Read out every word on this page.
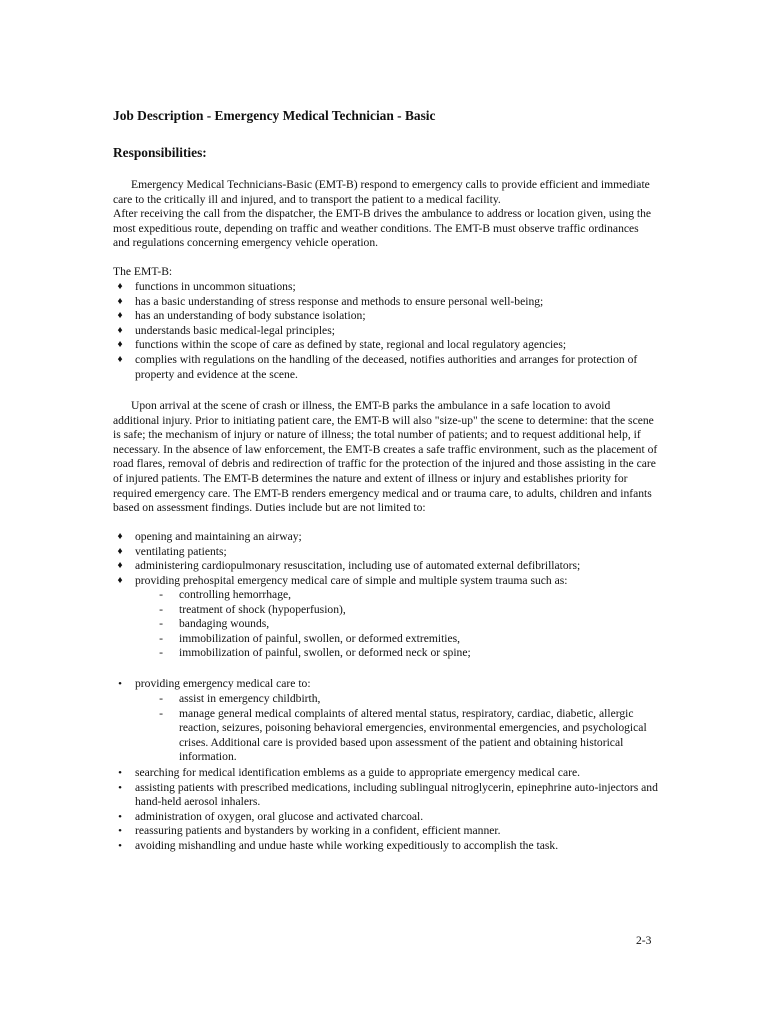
Job Description - Emergency Medical Technician - Basic
Responsibilities:

Emergency Medical Technicians-Basic (EMT-B) respond to emergency calls to provide efficient and immediate care to the critically ill and injured, and to transport the patient to a medical facility.

After receiving the call from the dispatcher, the EMT-B drives the ambulance to address or location given, using the most expeditious route, depending on traffic and weather conditions. The EMT-B must observe traffic ordinances and regulations concerning emergency vehicle operation.

The EMT-B:

♦	functions in uncommon situations;
♦	has a basic understanding of stress response and methods to ensure personal well-being;
♦	has an understanding of body substance isolation;
♦	understands basic medical-legal principles;
♦	functions within the scope of care as defined by state, regional and local regulatory agencies;
♦	complies with regulations on the handling of the deceased, notifies authorities and arranges for protection of property and evidence at the scene.

Upon arrival at the scene of crash or illness, the EMT-B parks the ambulance in a safe location to avoid additional injury. Prior to initiating patient care, the EMT-B will also "size-up" the scene to determine: that the scene is safe; the mechanism of injury or nature of illness; the total number of patients; and to request additional help, if necessary. In the absence of law enforcement, the EMT-B creates a safe traffic environment, such as the placement of road flares, removal of debris and redirection of traffic for the protection of the injured and those assisting in the care of injured patients. The EMT-B determines the nature and extent of illness or injury and establishes priority for required emergency care. The EMT-B renders emergency medical and or trauma care, to adults, children and infants based on assessment findings. Duties include but are not limited to:

♦	opening and maintaining an airway;
♦	ventilating patients;
♦	administering cardiopulmonary resuscitation, including use of automated external defibrillators;
♦	providing prehospital emergency medical care of simple and multiple system trauma such as:
- controlling hemorrhage,
- treatment of shock (hypoperfusion),
- bandaging wounds,
- immobilization of painful, swollen, or deformed extremities,
- immobilization of painful, swollen, or deformed neck or spine;
•	providing emergency medical care to:
- assist in emergency childbirth,
- manage general medical complaints of altered mental status, respiratory, cardiac, diabetic, allergic reaction, seizures, poisoning behavioral emergencies, environmental emergencies, and psychological crises. Additional care is provided based upon assessment of the patient and obtaining historical information.
•	searching for medical identification emblems as a guide to appropriate emergency medical care.
•	assisting patients with prescribed medications, including sublingual nitroglycerin, epinephrine auto-injectors and hand-held aerosol inhalers.
•	administration of oxygen, oral glucose and activated charcoal.
•	reassuring patients and bystanders by working in a confident, efficient manner.
•	avoiding mishandling and undue haste while working expeditiously to accomplish the task.
2-3
